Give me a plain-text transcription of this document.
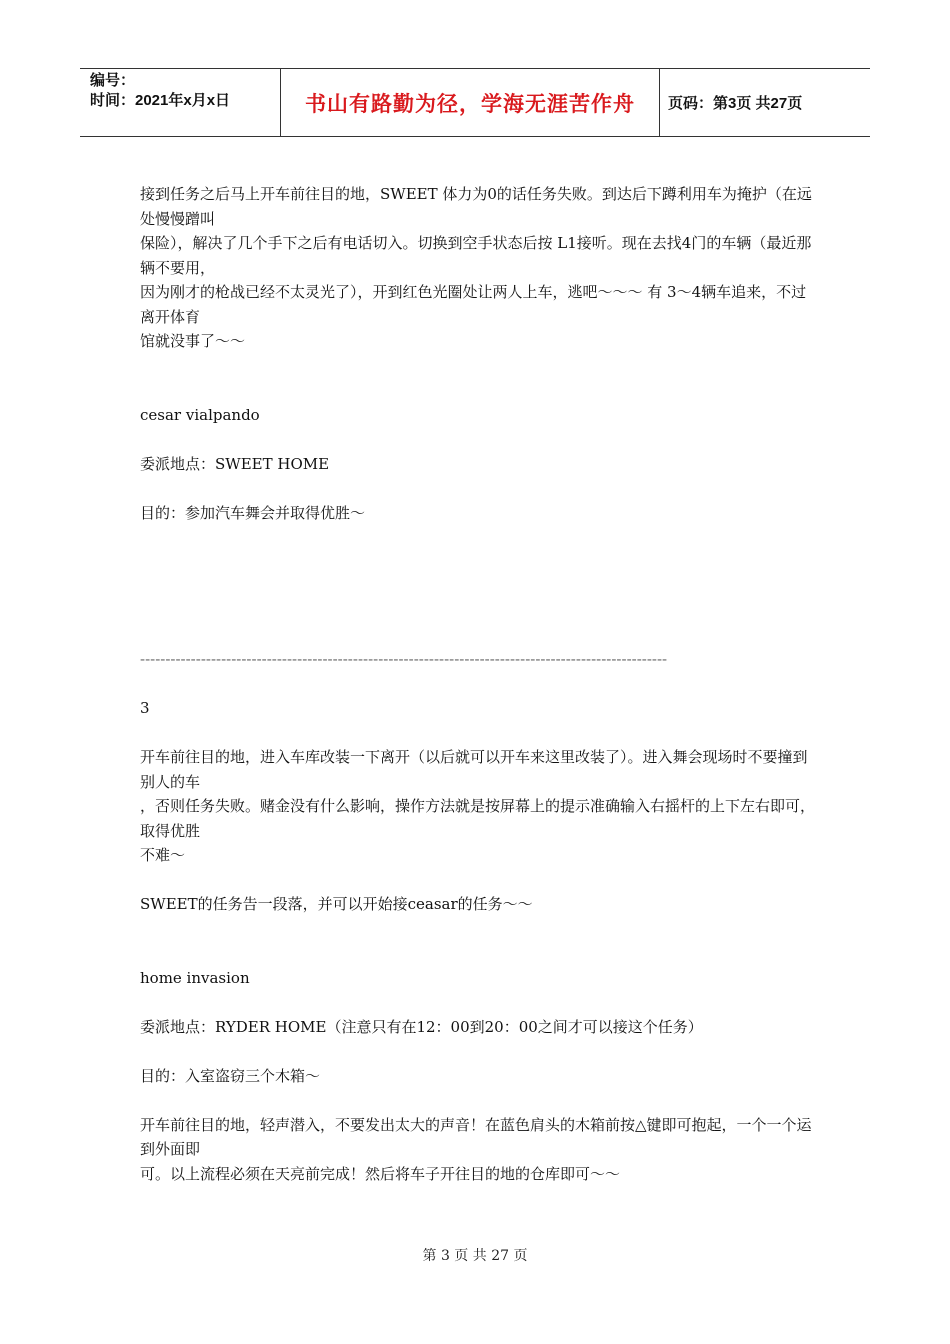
编号：
时间：2021年x月x日	书山有路勤为径，学海无涯苦作舟	页码：第3页 共27页

接到任务之后马上开车前往目的地，SWEET 体力为0的话任务失败。到达后下蹲利用车为掩护（在远处慢慢蹭叫
保险），解决了几个手下之后有电话切入。切换到空手状态后按 L1接听。现在去找4门的车辆（最近那辆不要用，
因为刚才的枪战已经不太灵光了），开到红色光圈处让两人上车，逃吧～～～ 有 3～4辆车追来，不过离开体育
馆就没事了～～

cesar vialpando

委派地点：SWEET HOME

目的：参加汽车舞会并取得优胜～

--------------------------------------------------------------------------------------------------------

3

开车前往目的地，进入车库改装一下离开（以后就可以开车来这里改装了）。进入舞会现场时不要撞到别人的车
，否则任务失败。赌金没有什么影响，操作方法就是按屏幕上的提示准确输入右摇杆的上下左右即可，取得优胜
不难～

SWEET的任务告一段落，并可以开始接ceasar的任务～～

home invasion

委派地点：RYDER HOME（注意只有在12：00到20：00之间才可以接这个任务）

目的：入室盗窃三个木箱～

开车前往目的地，轻声潜入，不要发出太大的声音！在蓝色肩头的木箱前按△键即可抱起，一个一个运到外面即
可。以上流程必须在天亮前完成！然后将车子开往目的地的仓库即可～～

第 3 页 共 27 页
